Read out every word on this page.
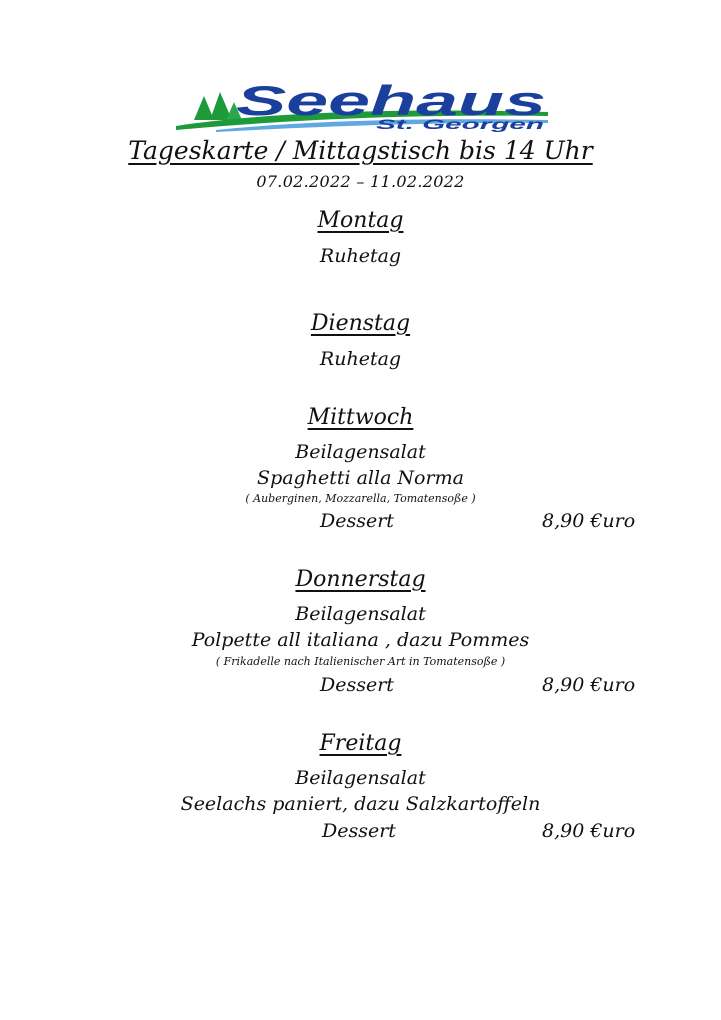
Seehaus
St. Georgen
Tageskarte / Mittagstisch bis 14 Uhr
07.02.2022 – 11.02.2022
Montag
Ruhetag
Dienstag
Ruhetag
Mittwoch
Beilagensalat
Spaghetti alla Norma
( Auberginen, Mozzarella, Tomatensoße )
Dessert	8,90 €uro
Donnerstag
Beilagensalat
Polpette all italiana , dazu Pommes
( Frikadelle nach Italienischer Art in Tomatensoße )
Dessert	8,90 €uro
Freitag
Beilagensalat
Seelachs paniert, dazu Salzkartoffeln
Dessert	8,90 €uro
